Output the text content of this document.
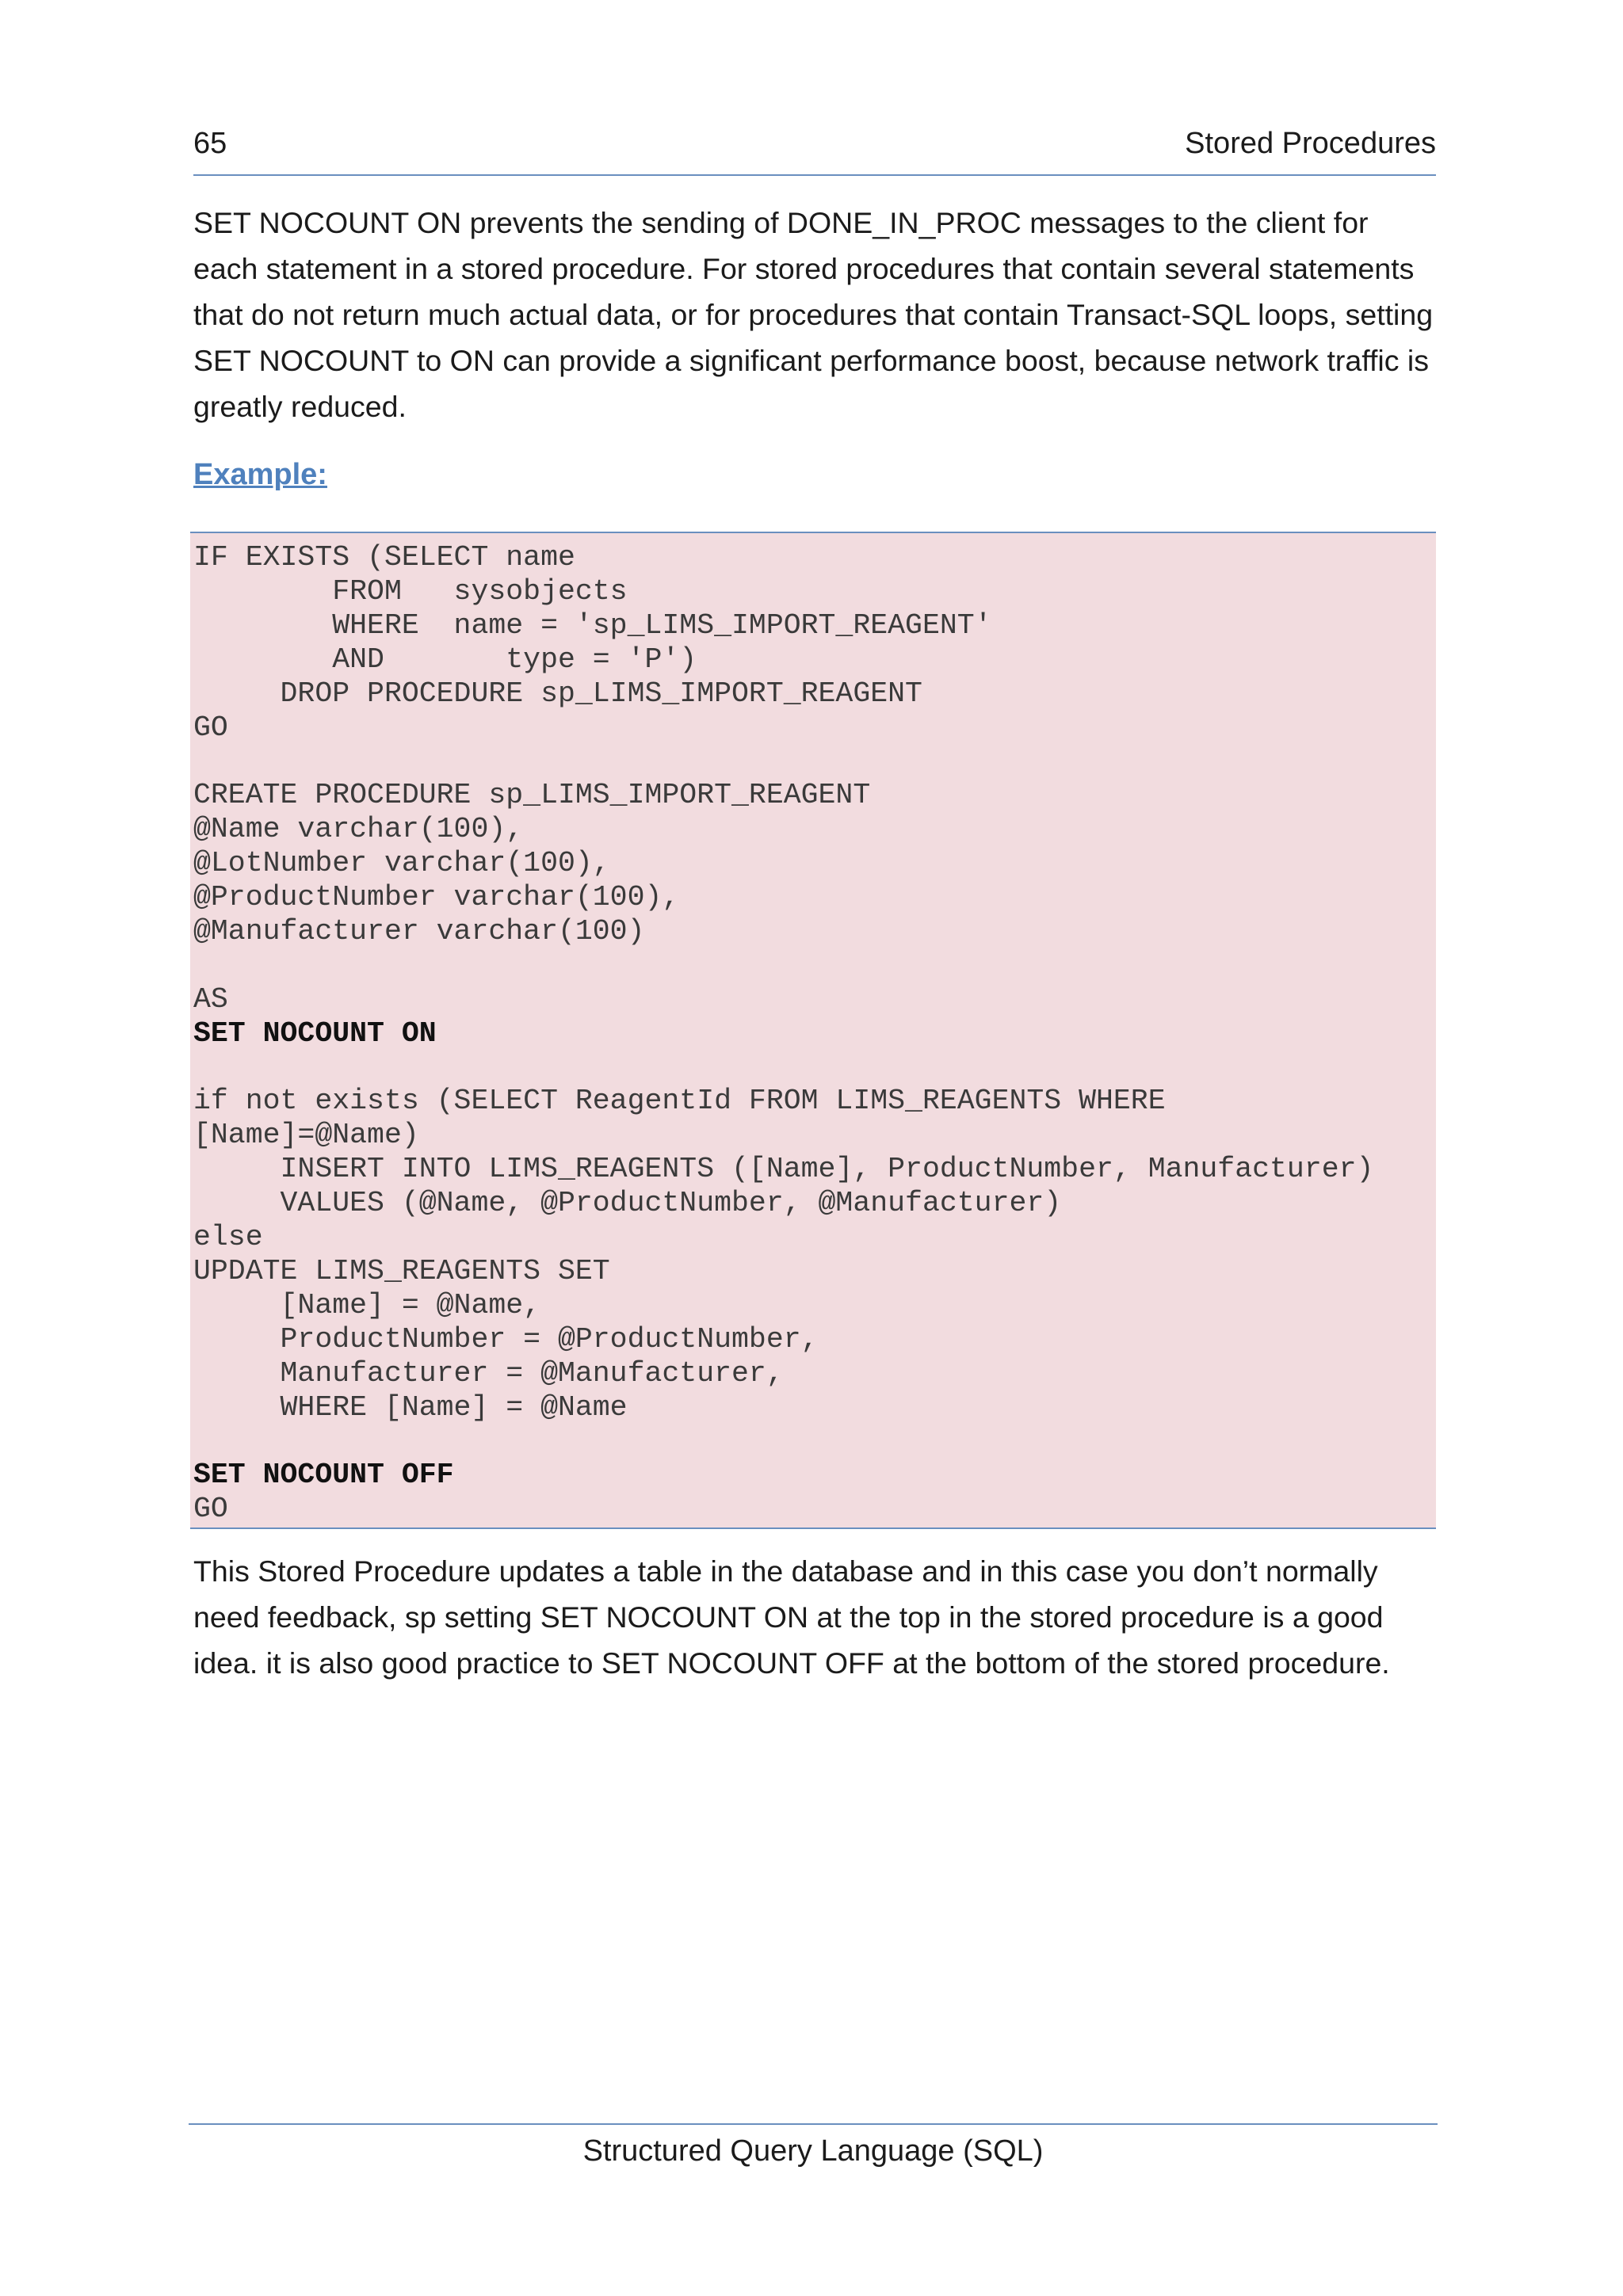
65	Stored Procedures

SET NOCOUNT ON prevents the sending of DONE_IN_PROC messages to the client for each statement in a stored procedure. For stored procedures that contain several statements that do not return much actual data, or for procedures that contain Transact-SQL loops, setting SET NOCOUNT to ON can provide a significant performance boost, because network traffic is greatly reduced.

Example:
IF EXISTS (SELECT name
FROM   sysobjects
WHERE  name = 'sp_LIMS_IMPORT_REAGENT'
AND       type = 'P')
DROP PROCEDURE sp_LIMS_IMPORT_REAGENT
GO
CREATE PROCEDURE sp_LIMS_IMPORT_REAGENT
@Name varchar(100),
@LotNumber varchar(100),
@ProductNumber varchar(100),
@Manufacturer varchar(100)
AS
SET NOCOUNT ON
if not exists (SELECT ReagentId FROM LIMS_REAGENTS WHERE
[Name]=@Name)
INSERT INTO LIMS_REAGENTS ([Name], ProductNumber, Manufacturer)
VALUES (@Name, @ProductNumber, @Manufacturer)
else
UPDATE LIMS_REAGENTS SET
[Name] = @Name,
ProductNumber = @ProductNumber,
Manufacturer = @Manufacturer,
WHERE [Name] = @Name
SET NOCOUNT OFF
GO

This Stored Procedure updates a table in the database and in this case you don’t normally need feedback, sp setting SET NOCOUNT ON at the top in the stored procedure is a good idea. it is also good practice to SET NOCOUNT OFF at the bottom of the stored procedure.

Structured Query Language (SQL)
